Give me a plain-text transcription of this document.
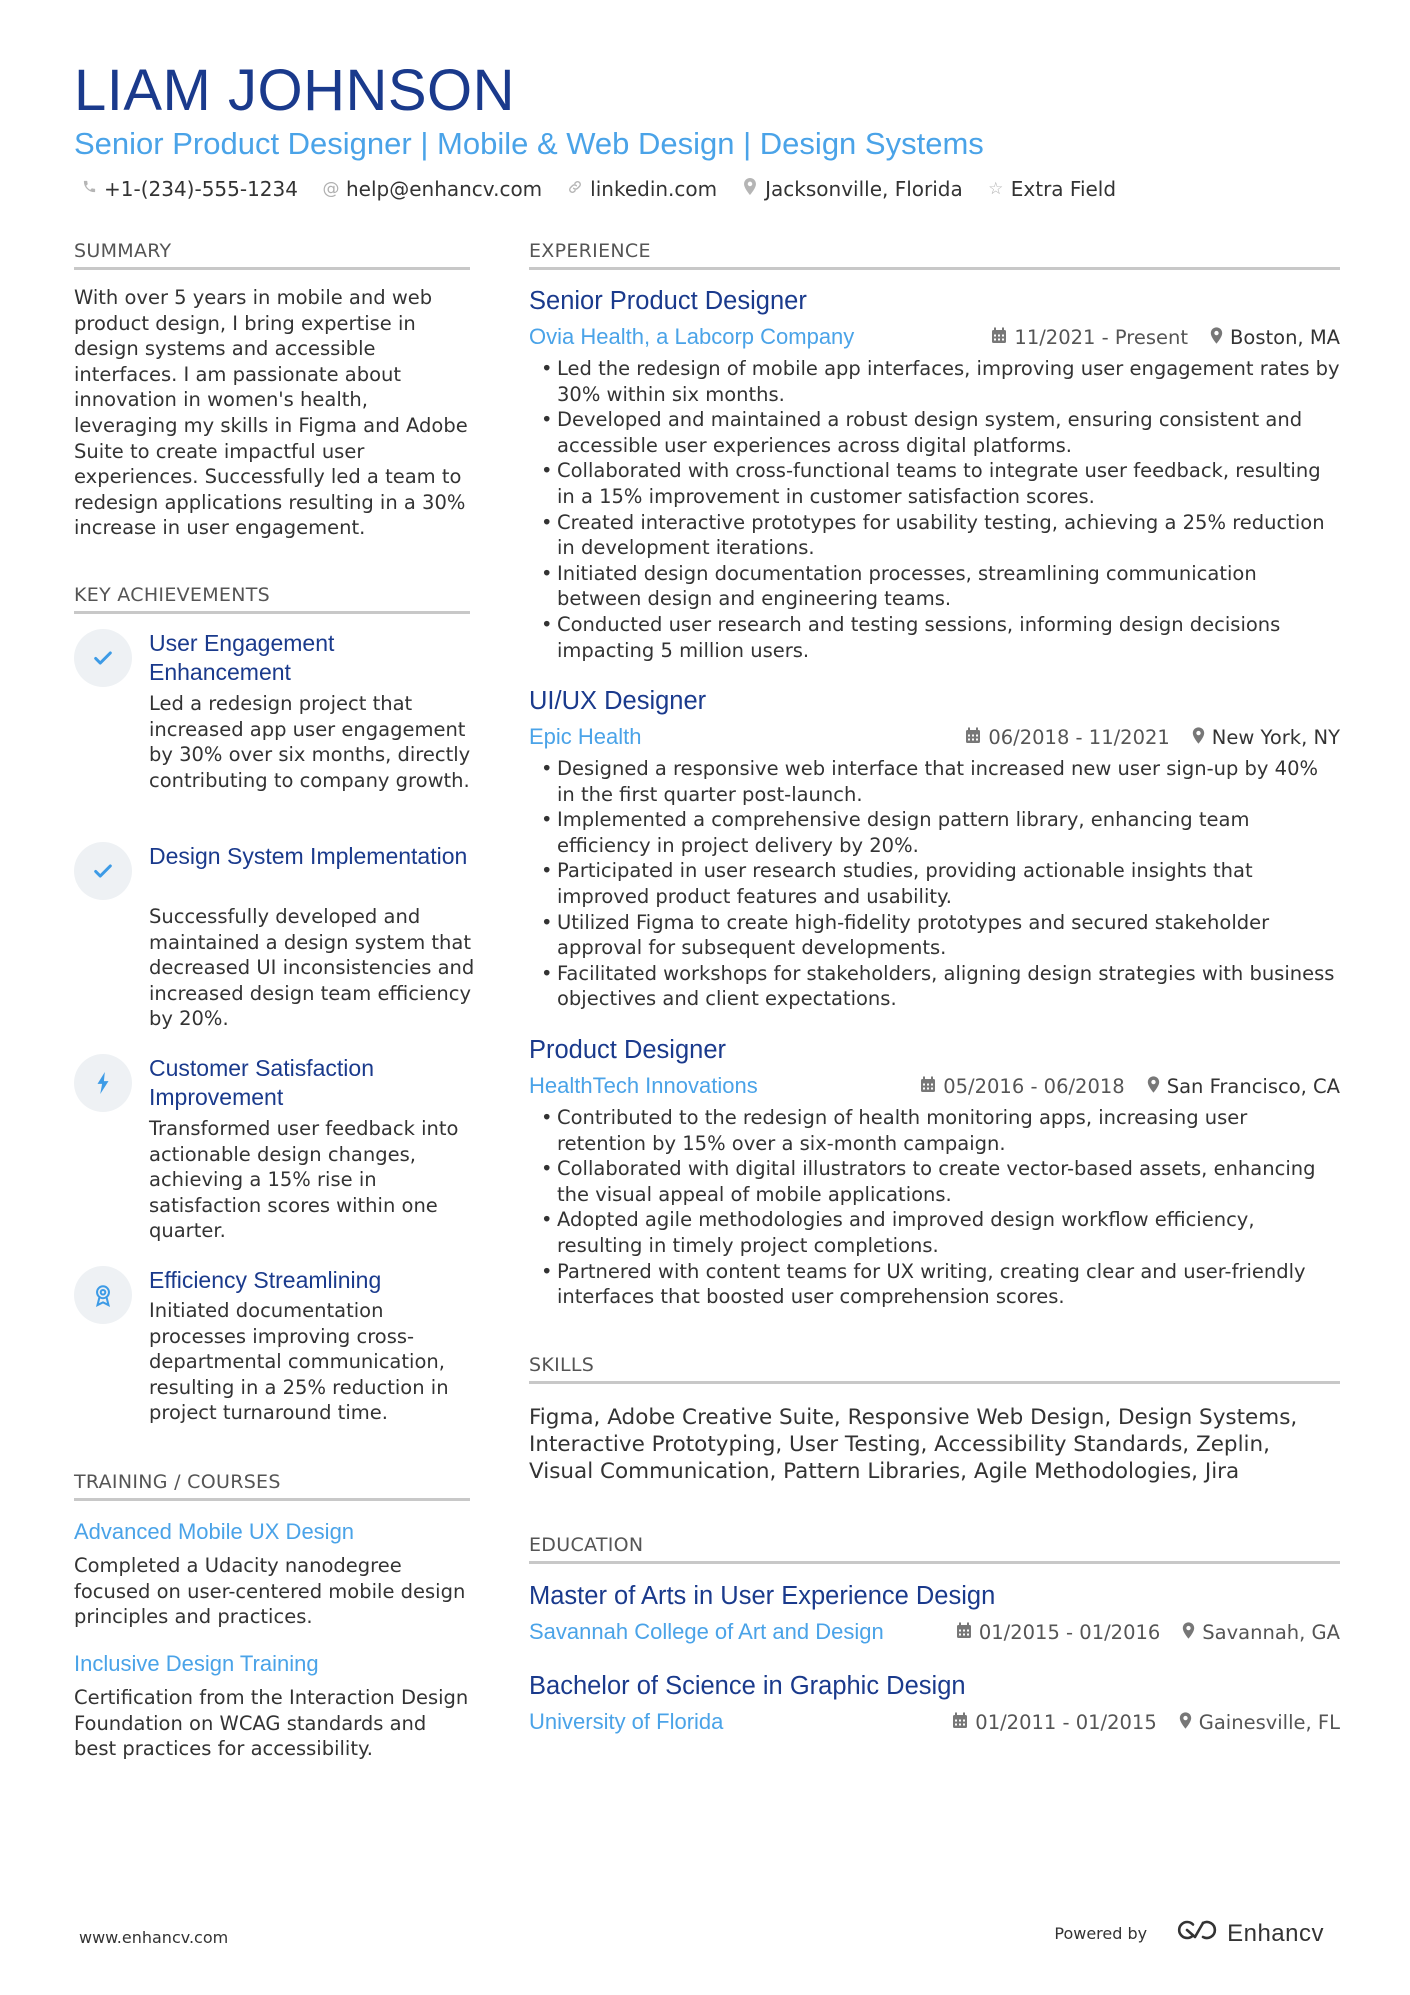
LIAM JOHNSON
Senior Product Designer | Mobile & Web Design | Design Systems
+1-(234)-555-1234 @ help@enhancv.com linkedin.com Jacksonville, Florida ☆ Extra Field
SUMMARY
With over 5 years in mobile and web product design, I bring expertise in design systems and accessible interfaces. I am passionate about innovation in women's health, leveraging my skills in Figma and Adobe Suite to create impactful user experiences. Successfully led a team to redesign applications resulting in a 30% increase in user engagement.
KEY ACHIEVEMENTS
User Engagement Enhancement
Led a redesign project that increased app user engagement by 30% over six months, directly contributing to company growth.
Design System Implementation
Successfully developed and maintained a design system that decreased UI inconsistencies and increased design team efficiency by 20%.
Customer Satisfaction Improvement
Transformed user feedback into actionable design changes, achieving a 15% rise in satisfaction scores within one quarter.
Efficiency Streamlining
Initiated documentation processes improving cross-departmental communication, resulting in a 25% reduction in project turnaround time.
TRAINING / COURSES
Advanced Mobile UX Design
Completed a Udacity nanodegree focused on user-centered mobile design principles and practices.
Inclusive Design Training
Certification from the Interaction Design Foundation on WCAG standards and best practices for accessibility.
EXPERIENCE
Senior Product Designer
Ovia Health, a Labcorp Company	11/2021 - Present Boston, MA
• Led the redesign of mobile app interfaces, improving user engagement rates by 30% within six months.
• Developed and maintained a robust design system, ensuring consistent and accessible user experiences across digital platforms.
• Collaborated with cross-functional teams to integrate user feedback, resulting in a 15% improvement in customer satisfaction scores.
• Created interactive prototypes for usability testing, achieving a 25% reduction in development iterations.
• Initiated design documentation processes, streamlining communication between design and engineering teams.
• Conducted user research and testing sessions, informing design decisions impacting 5 million users.
UI/UX Designer
Epic Health	06/2018 - 11/2021 New York, NY
• Designed a responsive web interface that increased new user sign-up by 40% in the first quarter post-launch.
• Implemented a comprehensive design pattern library, enhancing team efficiency in project delivery by 20%.
• Participated in user research studies, providing actionable insights that improved product features and usability.
• Utilized Figma to create high-fidelity prototypes and secured stakeholder approval for subsequent developments.
• Facilitated workshops for stakeholders, aligning design strategies with business objectives and client expectations.
Product Designer
HealthTech Innovations	05/2016 - 06/2018 San Francisco, CA
• Contributed to the redesign of health monitoring apps, increasing user retention by 15% over a six-month campaign.
• Collaborated with digital illustrators to create vector-based assets, enhancing the visual appeal of mobile applications.
• Adopted agile methodologies and improved design workflow efficiency, resulting in timely project completions.
• Partnered with content teams for UX writing, creating clear and user-friendly interfaces that boosted user comprehension scores.
SKILLS
Figma, Adobe Creative Suite, Responsive Web Design, Design Systems, Interactive Prototyping, User Testing, Accessibility Standards, Zeplin, Visual Communication, Pattern Libraries, Agile Methodologies, Jira
EDUCATION
Master of Arts in User Experience Design
Savannah College of Art and Design	01/2015 - 01/2016 Savannah, GA
Bachelor of Science in Graphic Design
University of Florida	01/2011 - 01/2015 Gainesville, FL
www.enhancv.com	Powered by	Enhancv
